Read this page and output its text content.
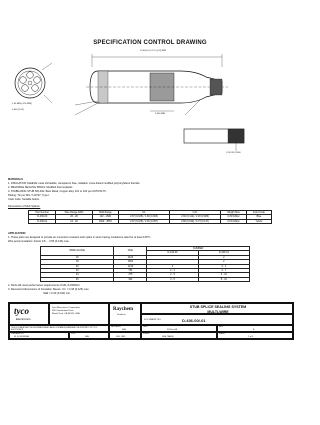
SPECIFICATION CONTROL DRAWING
12.600 [.5] / 12.0 [.47] MIN
2.00 MIN [.078 MIN]
3.000 [.118]
0.500 MIN
COLOR CODE
MATERIALS
1. INSULATION SLEEVE: Heat shrinkable, transparent blue, radiation cross-linked modified polyvinylidene fluoride.
2. MELTABLE SEALING RINGS: Modified thermoplastic.
3. STABILIZING STUB SPLICE: Bare Metal, Copper alloy 101 or 102 per ASTM B-75.
Plating: Tin per MIL-T-10727, Type I.
Color code: Suitable below.
Dimensions of Stub Splices:
Part Number	Wire Range AWG	CMA Range	I.D.	O.D.	Weight Max	Color Code
D-436-00	26 - 20	102 - 1600	2.67 (0.105) / 1.60 (0.063)	2.84 (0.112) / 2.18 (0.086)	0.29 lb/Mpc	Blue
D-436-01	24 - 18	1600 - 4553	2.67 (0.105) / 2.46 (0.097)	3.80 (0.150) / 3.73 (0.147)	2.15 lb/Mpc	Yellow
APPLICATION
1. These parts are designed to provide an immersion resistant stub splice in wires having insulations rated for at least 135°C.
Wire accommodation: Factor 0.8 ... 3.55 (0.140) max.
WIRE GAUGE	CMA	NUMBER	
		D-436-00	D-436-01
16	2426		2
18	1600		2
20	1216	2	3 - 4
22	754	2 - 3	4 - 7
24	475	2 - 5	6 - 10
26	304	3 - 5	8 - 10
2. Parts will meet performance requirements of MIL-S-81824/1.
3. Recovered dimensions of Insulation Sleeve: I.D. = 3.18 (0.125) max
Wall = 0.33 (0.013) min.
tyco
Electronics
Tyco Electronics Corporation
300 Constitution Drive
Menlo Park, CA 94025, USA
Raychem
Products
STUB SPLICE SEALING SYSTEM
MULTI-WIRE
DOCUMENT NO:	D-436-00/-01
THIS DOCUMENT AND THE INFORMATION AND VALUE CONTAINED HEREIN ARE THE PROPERTY OF TYCO ELECTRONICS
REPLACES
N/A
DATE:
03-Dec-08
REV:
E
PREPARED BY:
M. DORONINA
DCN:
N/A	D00 1901
SCALE:
SEE TABLE
SHEET:
1 of 1
